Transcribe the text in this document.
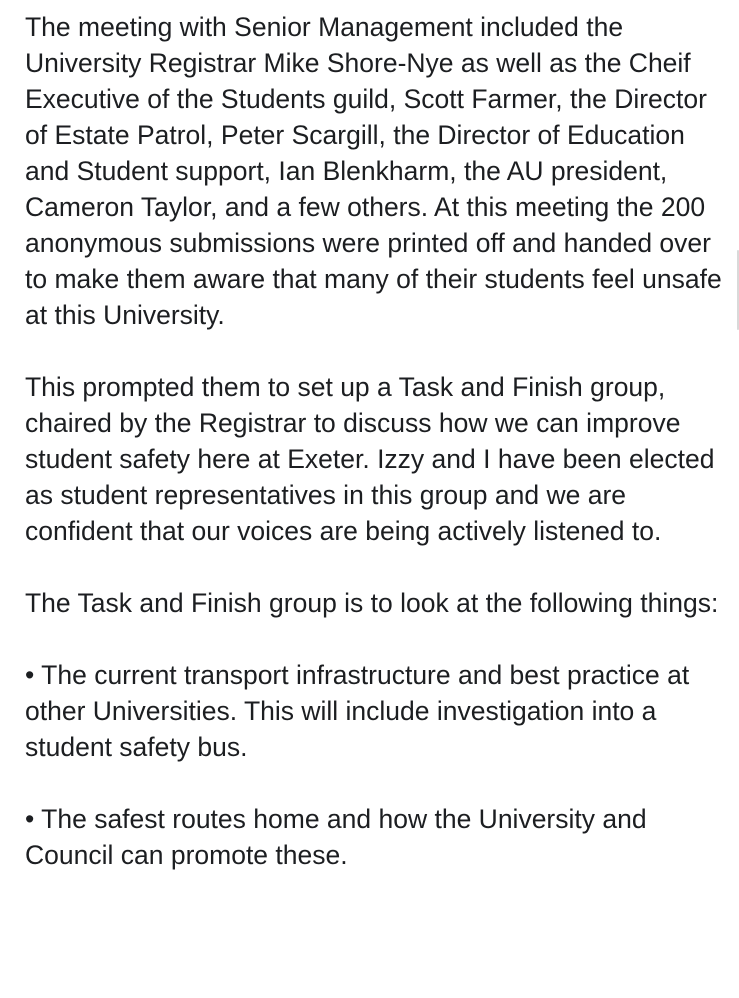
The meeting with Senior Management included the University Registrar Mike Shore-Nye as well as the Cheif Executive of the Students guild, Scott Farmer, the Director of Estate Patrol, Peter Scargill, the Director of Education and Student support, Ian Blenkharm, the AU president, Cameron Taylor, and a few others. At this meeting the 200 anonymous submissions were printed off and handed over to make them aware that many of their students feel unsafe at this University.

This prompted them to set up a Task and Finish group, chaired by the Registrar to discuss how we can improve student safety here at Exeter. Izzy and I have been elected as student representatives in this group and we are confident that our voices are being actively listened to.

The Task and Finish group is to look at the following things:

• The current transport infrastructure and best practice at other Universities. This will include investigation into a student safety bus.

• The safest routes home and how the University and Council can promote these.
